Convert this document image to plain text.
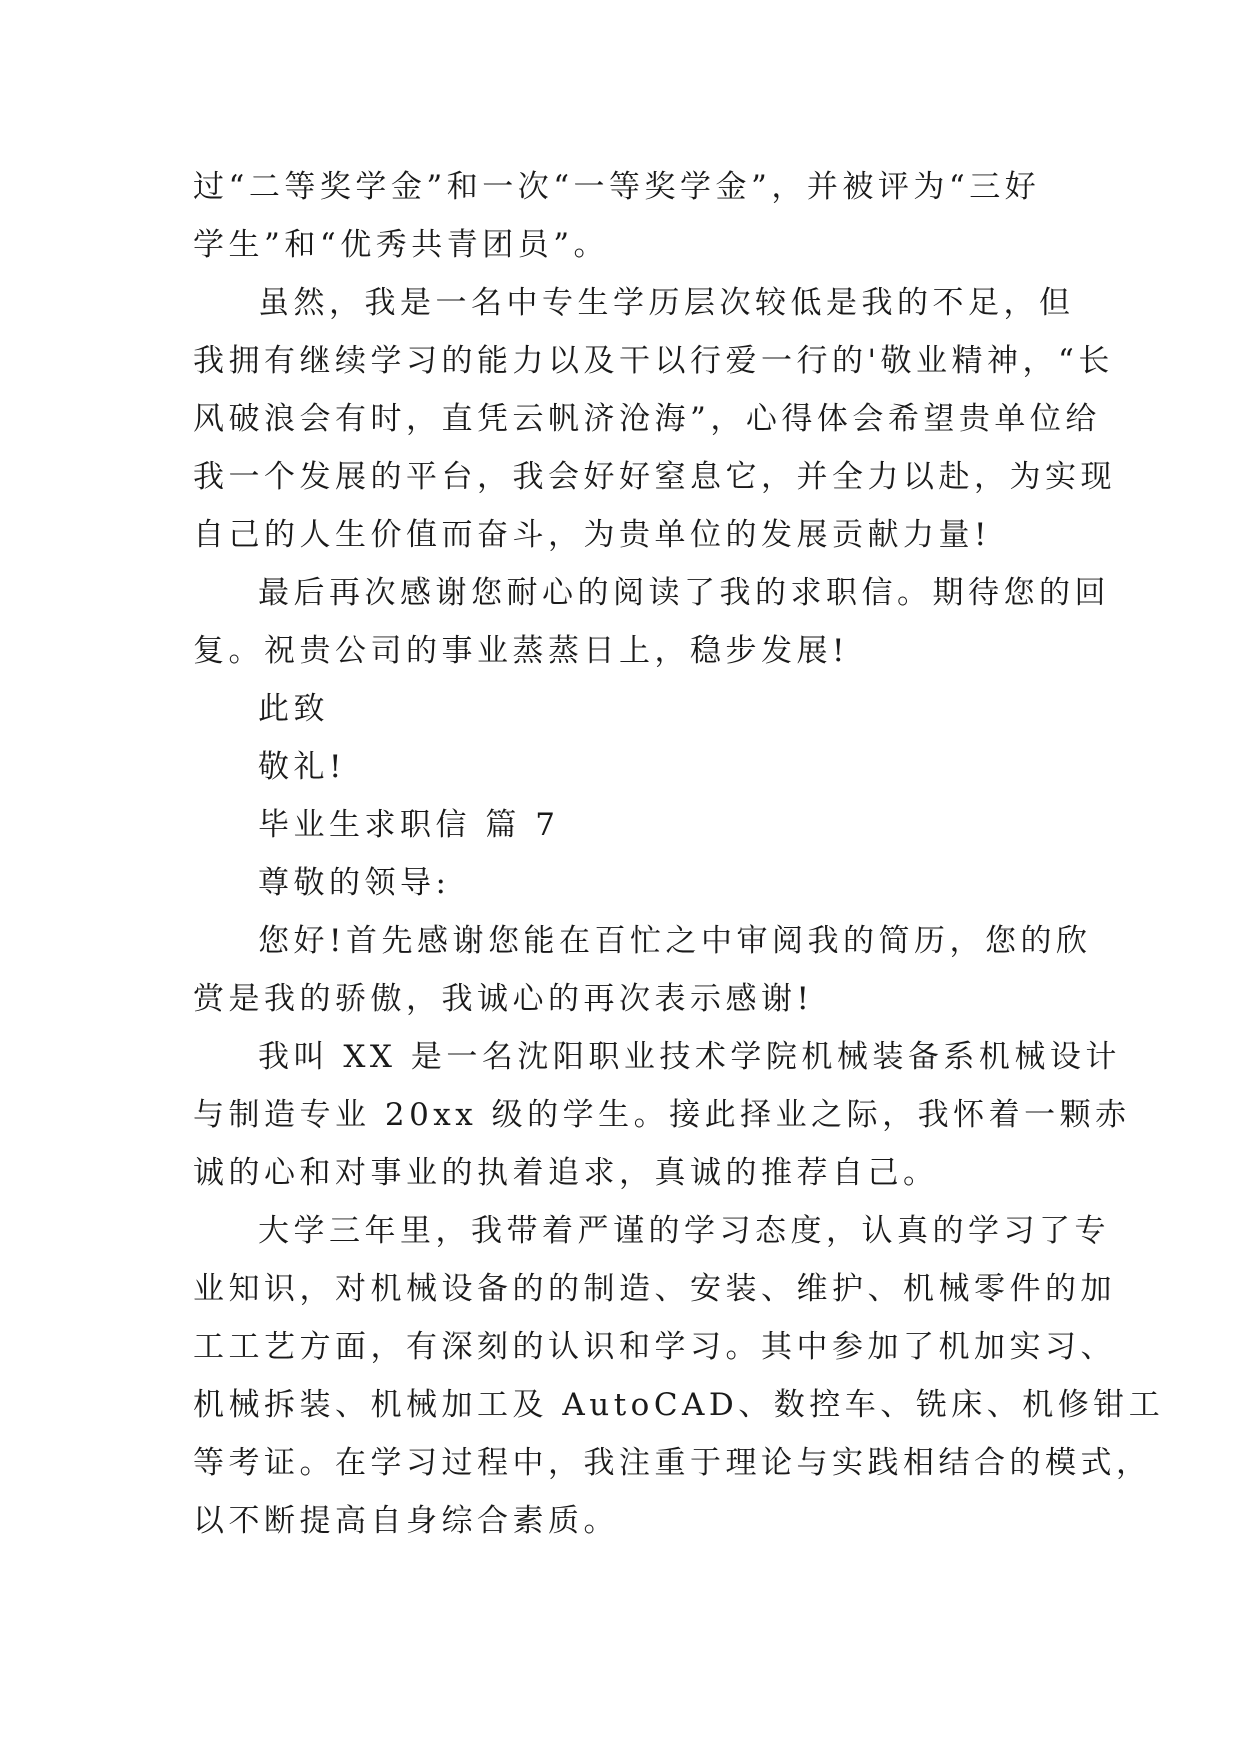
过“二等奖学金”和一次“一等奖学金”，并被评为“三好
学生”和“优秀共青团员”。
虽然，我是一名中专生学历层次较低是我的不足，但
我拥有继续学习的能力以及干以行爱一行的'敬业精神，“长
风破浪会有时，直凭云帆济沧海”，心得体会希望贵单位给
我一个发展的平台，我会好好窒息它，并全力以赴，为实现
自己的人生价值而奋斗，为贵单位的发展贡献力量!
最后再次感谢您耐心的阅读了我的求职信。期待您的回
复。祝贵公司的事业蒸蒸日上，稳步发展!
此致
敬礼!
毕业生求职信 篇 7
尊敬的领导:
您好!首先感谢您能在百忙之中审阅我的简历，您的欣
赏是我的骄傲，我诚心的再次表示感谢!
我叫 XX 是一名沈阳职业技术学院机械装备系机械设计
与制造专业 20xx 级的学生。接此择业之际，我怀着一颗赤
诚的心和对事业的执着追求，真诚的推荐自己。
大学三年里，我带着严谨的学习态度，认真的学习了专
业知识，对机械设备的的制造、安装、维护、机械零件的加
工工艺方面，有深刻的认识和学习。其中参加了机加实习、
机械拆装、机械加工及 AutoCAD、数控车、铣床、机修钳工
等考证。在学习过程中，我注重于理论与实践相结合的模式，
以不断提高自身综合素质。
